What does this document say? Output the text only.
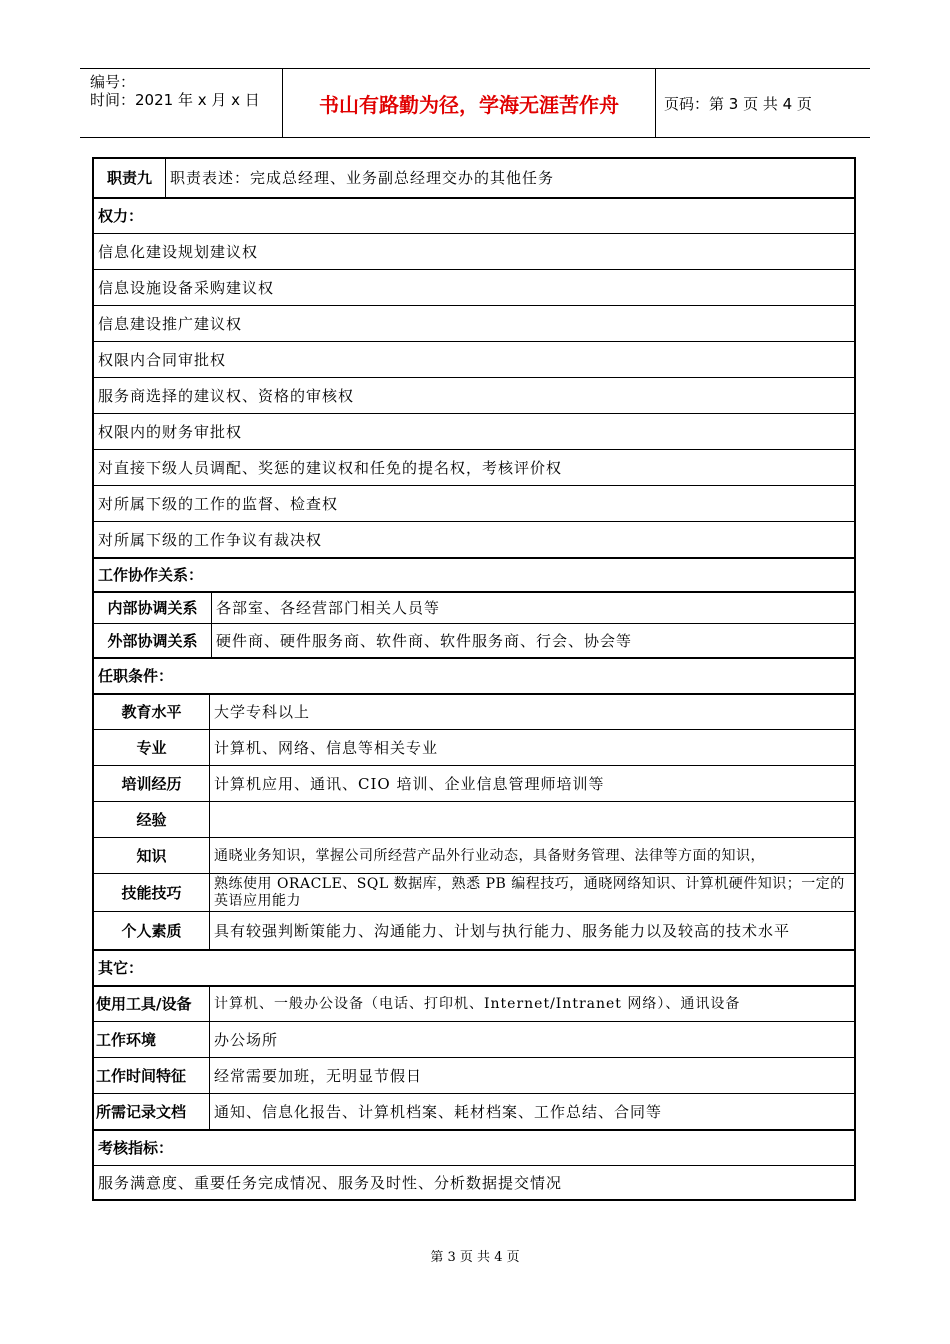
编号：
时间：2021 年 x 月 x 日	书山有路勤为径，学海无涯苦作舟	页码：第 3 页 共 4 页
职责九	职责表述：完成总经理、业务副总经理交办的其他任务
权力：
信息化建设规划建议权
信息设施设备采购建议权
信息建设推广建议权
权限内合同审批权
服务商选择的建议权、资格的审核权
权限内的财务审批权
对直接下级人员调配、奖惩的建议权和任免的提名权，考核评价权
对所属下级的工作的监督、检查权
对所属下级的工作争议有裁决权
工作协作关系：
内部协调关系	各部室、各经营部门相关人员等
外部协调关系	硬件商、硬件服务商、软件商、软件服务商、行会、协会等
任职条件：
教育水平	大学专科以上
专业	计算机、网络、信息等相关专业
培训经历	计算机应用、通讯、CIO 培训、企业信息管理师培训等
经验
知识	通晓业务知识，掌握公司所经营产品外行业动态，具备财务管理、法律等方面的知识，
技能技巧	熟练使用 ORACLE、SQL 数据库，熟悉 PB 编程技巧，通晓网络知识、计算机硬件知识；一定的英语应用能力
个人素质	具有较强判断策能力、沟通能力、计划与执行能力、服务能力以及较高的技术水平
其它：
使用工具/设备	计算机、一般办公设备（电话、打印机、Internet/Intranet 网络）、通讯设备
工作环境	办公场所
工作时间特征	经常需要加班，无明显节假日
所需记录文档	通知、信息化报告、计算机档案、耗材档案、工作总结、合同等
考核指标：
服务满意度、重要任务完成情况、服务及时性、分析数据提交情况
第 3 页 共 4 页
